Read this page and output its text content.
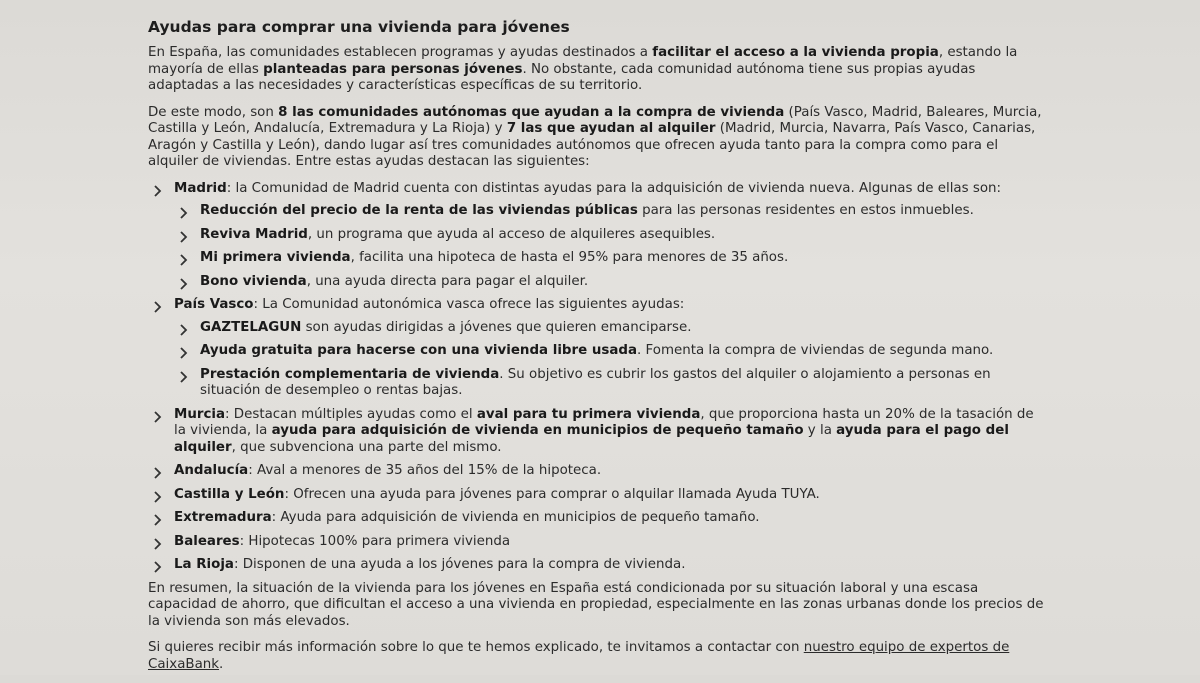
Ayudas para comprar una vivienda para jóvenes

En España, las comunidades establecen programas y ayudas destinados a facilitar el acceso a la vivienda propia, estando la mayoría de ellas planteadas para personas jóvenes. No obstante, cada comunidad autónoma tiene sus propias ayudas adaptadas a las necesidades y características específicas de su territorio.

De este modo, son 8 las comunidades autónomas que ayudan a la compra de vivienda (País Vasco, Madrid, Baleares, Murcia, Castilla y León, Andalucía, Extremadura y La Rioja) y 7 las que ayudan al alquiler (Madrid, Murcia, Navarra, País Vasco, Canarias, Aragón y Castilla y León), dando lugar así tres comunidades autónomos que ofrecen ayuda tanto para la compra como para el alquiler de viviendas. Entre estas ayudas destacan las siguientes:

Madrid: la Comunidad de Madrid cuenta con distintas ayudas para la adquisición de vivienda nueva. Algunas de ellas son:
Reducción del precio de la renta de las viviendas públicas para las personas residentes en estos inmuebles.
Reviva Madrid, un programa que ayuda al acceso de alquileres asequibles.
Mi primera vivienda, facilita una hipoteca de hasta el 95% para menores de 35 años.
Bono vivienda, una ayuda directa para pagar el alquiler.
País Vasco: La Comunidad autonómica vasca ofrece las siguientes ayudas:
GAZTELAGUN son ayudas dirigidas a jóvenes que quieren emanciparse.
Ayuda gratuita para hacerse con una vivienda libre usada. Fomenta la compra de viviendas de segunda mano.
Prestación complementaria de vivienda. Su objetivo es cubrir los gastos del alquiler o alojamiento a personas en situación de desempleo o rentas bajas.
Murcia: Destacan múltiples ayudas como el aval para tu primera vivienda, que proporciona hasta un 20% de la tasación de la vivienda, la ayuda para adquisición de vivienda en municipios de pequeño tamaño y la ayuda para el pago del alquiler, que subvenciona una parte del mismo.
Andalucía: Aval a menores de 35 años del 15% de la hipoteca.
Castilla y León: Ofrecen una ayuda para jóvenes para comprar o alquilar llamada Ayuda TUYA.
Extremadura: Ayuda para adquisición de vivienda en municipios de pequeño tamaño.
Baleares: Hipotecas 100% para primera vivienda
La Rioja: Disponen de una ayuda a los jóvenes para la compra de vivienda.

En resumen, la situación de la vivienda para los jóvenes en España está condicionada por su situación laboral y una escasa capacidad de ahorro, que dificultan el acceso a una vivienda en propiedad, especialmente en las zonas urbanas donde los precios de la vivienda son más elevados.

Si quieres recibir más información sobre lo que te hemos explicado, te invitamos a contactar con nuestro equipo de expertos de CaixaBank.
